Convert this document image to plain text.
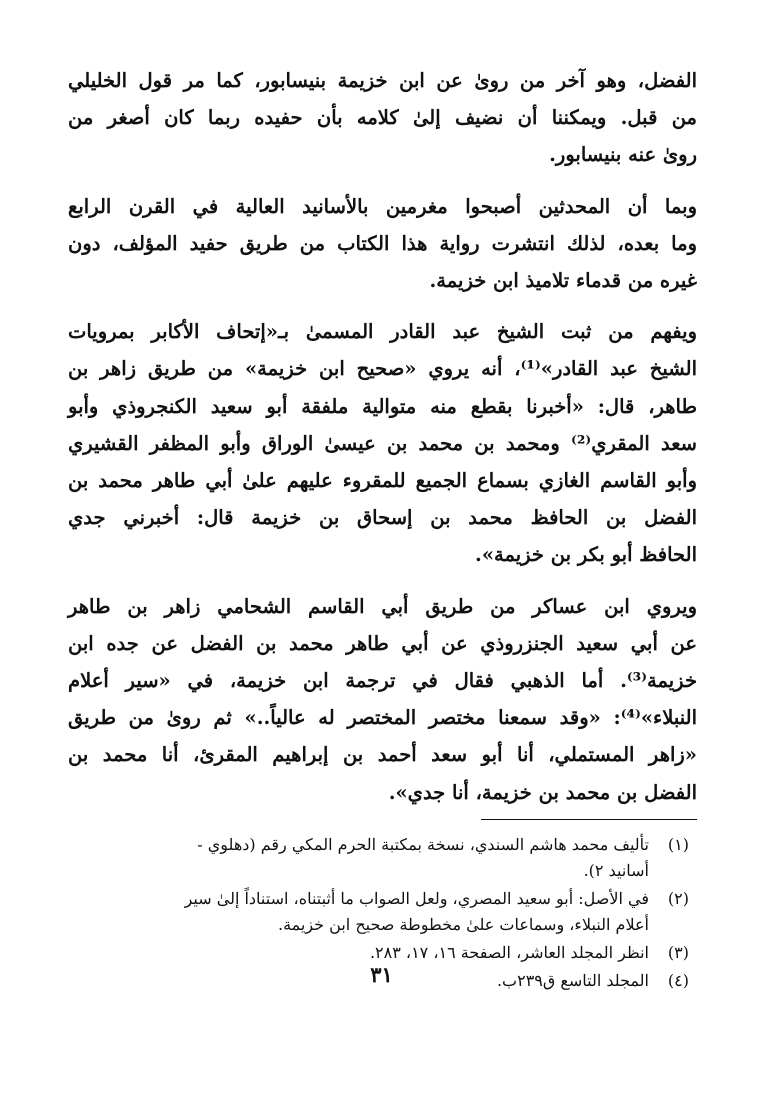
الفضل، وهو آخر من روىٰ عن ابن خزيمة بنيسابور، كما مر قول الخليلي
من قبل. ويمكننا أن نضيف إلىٰ كلامه بأن حفيده ربما كان أصغر من
روىٰ عنه بنيسابور.

وبما أن المحدثين أصبحوا مغرمين بالأسانيد العالية في القرن الرابع
وما بعده، لذلك انتشرت رواية هذا الكتاب من طريق حفيد المؤلف، دون
غيره من قدماء تلاميذ ابن خزيمة.

ويفهم من ثبت الشيخ عبد القادر المسمىٰ بـ«إتحاف الأكابر بمرويات
الشيخ عبد القادر»⁽¹⁾، أنه يروي «صحيح ابن خزيمة» من طريق زاهر بن
طاهر، قال: «أخبرنا بقطع منه متوالية ملفقة أبو سعيد الكنجروذي وأبو
سعد المقري⁽²⁾ ومحمد بن محمد بن عيسىٰ الوراق وأبو المظفر القشيري
وأبو القاسم الغازي بسماع الجميع للمقروء عليهم علىٰ أبي طاهر محمد بن
الفضل بن الحافظ محمد بن إسحاق بن خزيمة قال: أخبرني جدي
الحافظ أبو بكر بن خزيمة».

ويروي ابن عساكر من طريق أبي القاسم الشحامي زاهر بن طاهر
عن أبي سعيد الجنزروذي عن أبي طاهر محمد بن الفضل عن جده ابن
خزيمة⁽³⁾. أما الذهبي فقال في ترجمة ابن خزيمة، في «سير أعلام
النبلاء»⁽⁴⁾: «وقد سمعنا مختصر المختصر له عالياً..» ثم روىٰ من طريق
«زاهر المستملي، أنا أبو سعد أحمد بن إبراهيم المقرئ، أنا محمد بن
الفضل بن محمد بن خزيمة، أنا جدي».

(١)
تأليف محمد هاشم السندي، نسخة بمكتبة الحرم المكي رقم (دهلوي -
أسانيد ٢).
(٢)
في الأصل: أبو سعيد المصري، ولعل الصواب ما أثبتناه، استناداً إلىٰ سير
أعلام النبلاء، وسماعات علىٰ مخطوطة صحيح ابن خزيمة.
(٣)
انظر المجلد العاشر، الصفحة ١٦، ١٧، ٢٨٣.
(٤)
المجلد التاسع ق٢٣٩ب.
٣١
